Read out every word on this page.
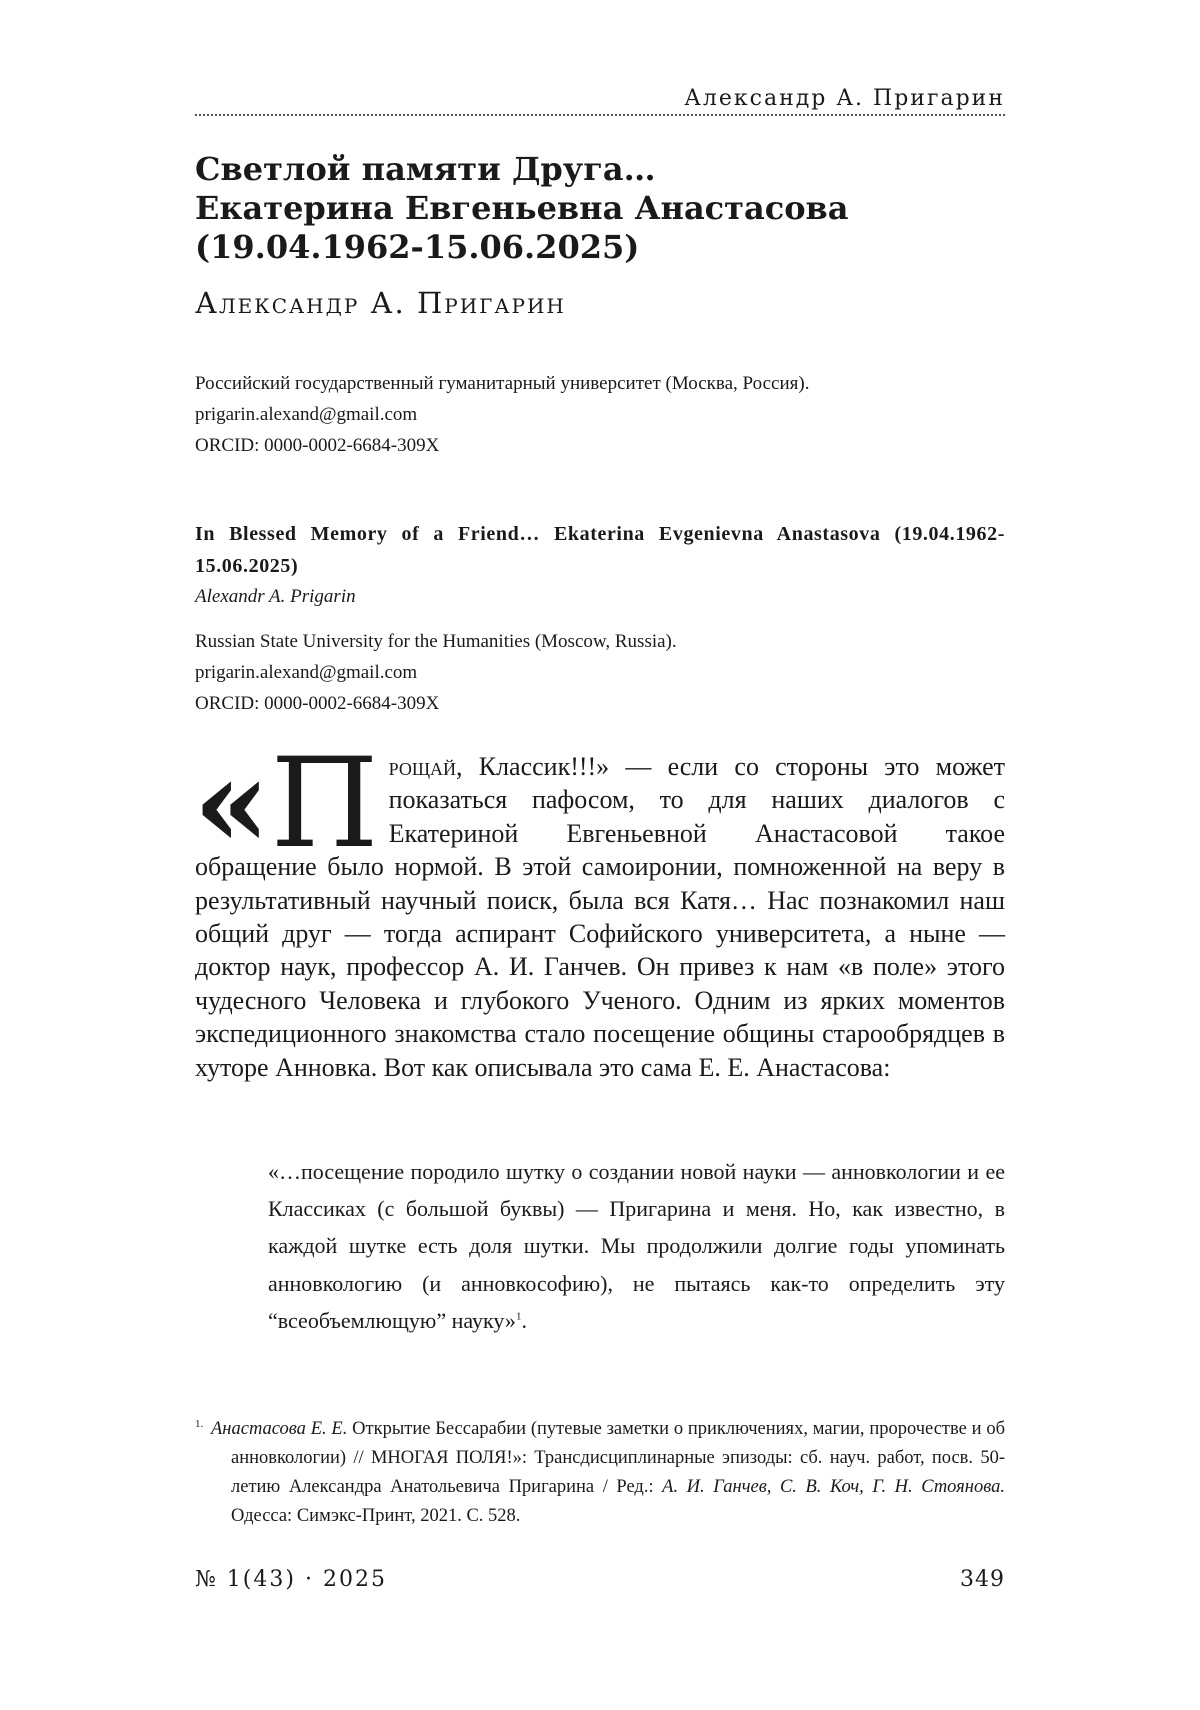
Александр А. Пригарин
Светлой памяти Друга…
Екатерина Евгеньевна Анастасова
(19.04.1962-15.06.2025)
Александр А. Пригарин
Российский государственный гуманитарный университет (Москва, Россия).
prigarin.alexand@gmail.com
ORCID: 0000-0002-6684-309X
In Blessed Memory of a Friend… Ekaterina Evgenievna Anastasova (19.04.1962-15.06.2025)
Alexandr A. Prigarin
Russian State University for the Humanities (Moscow, Russia).
prigarin.alexand@gmail.com
ORCID: 0000-0002-6684-309X
«П рощай, Классик!!!» — если со стороны это может показаться пафосом, то для наших диалогов с Екатериной Евгеньевной Анастасовой такое обращение было нормой. В этой самоиронии, помноженной на веру в результативный научный поиск, была вся Катя… Нас познакомил наш общий друг — тогда аспирант Софийского университета, а ныне — доктор наук, профессор А. И. Ганчев. Он привез к нам «в поле» этого чудесного Человека и глубокого Ученого. Одним из ярких моментов экспедиционного знакомства стало посещение общины старообрядцев в хуторе Анновка. Вот как описывала это сама Е. Е. Анастасова:
«…посещение породило шутку о создании новой науки — анновкологии и ее Классиках (с большой буквы) — Пригарина и меня. Но, как известно, в каждой шутке есть доля шутки. Мы продолжили долгие годы упоминать анновкологию (и анновкософию), не пытаясь как-то определить эту “всеобъемлющую” науку»$^1$.
$^{1.}$ Анастасова Е. Е. Открытие Бессарабии (путевые заметки о приключениях, магии, пророчестве и об анновкологии) // МНОГАЯ ПОЛЯ!»: Трансдисциплинарные эпизоды: сб. науч. работ, посв. 50-летию Александра Анатольевича Пригарина / Ред.: А. И. Ганчев, С. В. Коч, Г. Н. Стоянова. Одесса: Симэкс-Принт, 2021. С. 528.
№ 1(43) · 2025	349
